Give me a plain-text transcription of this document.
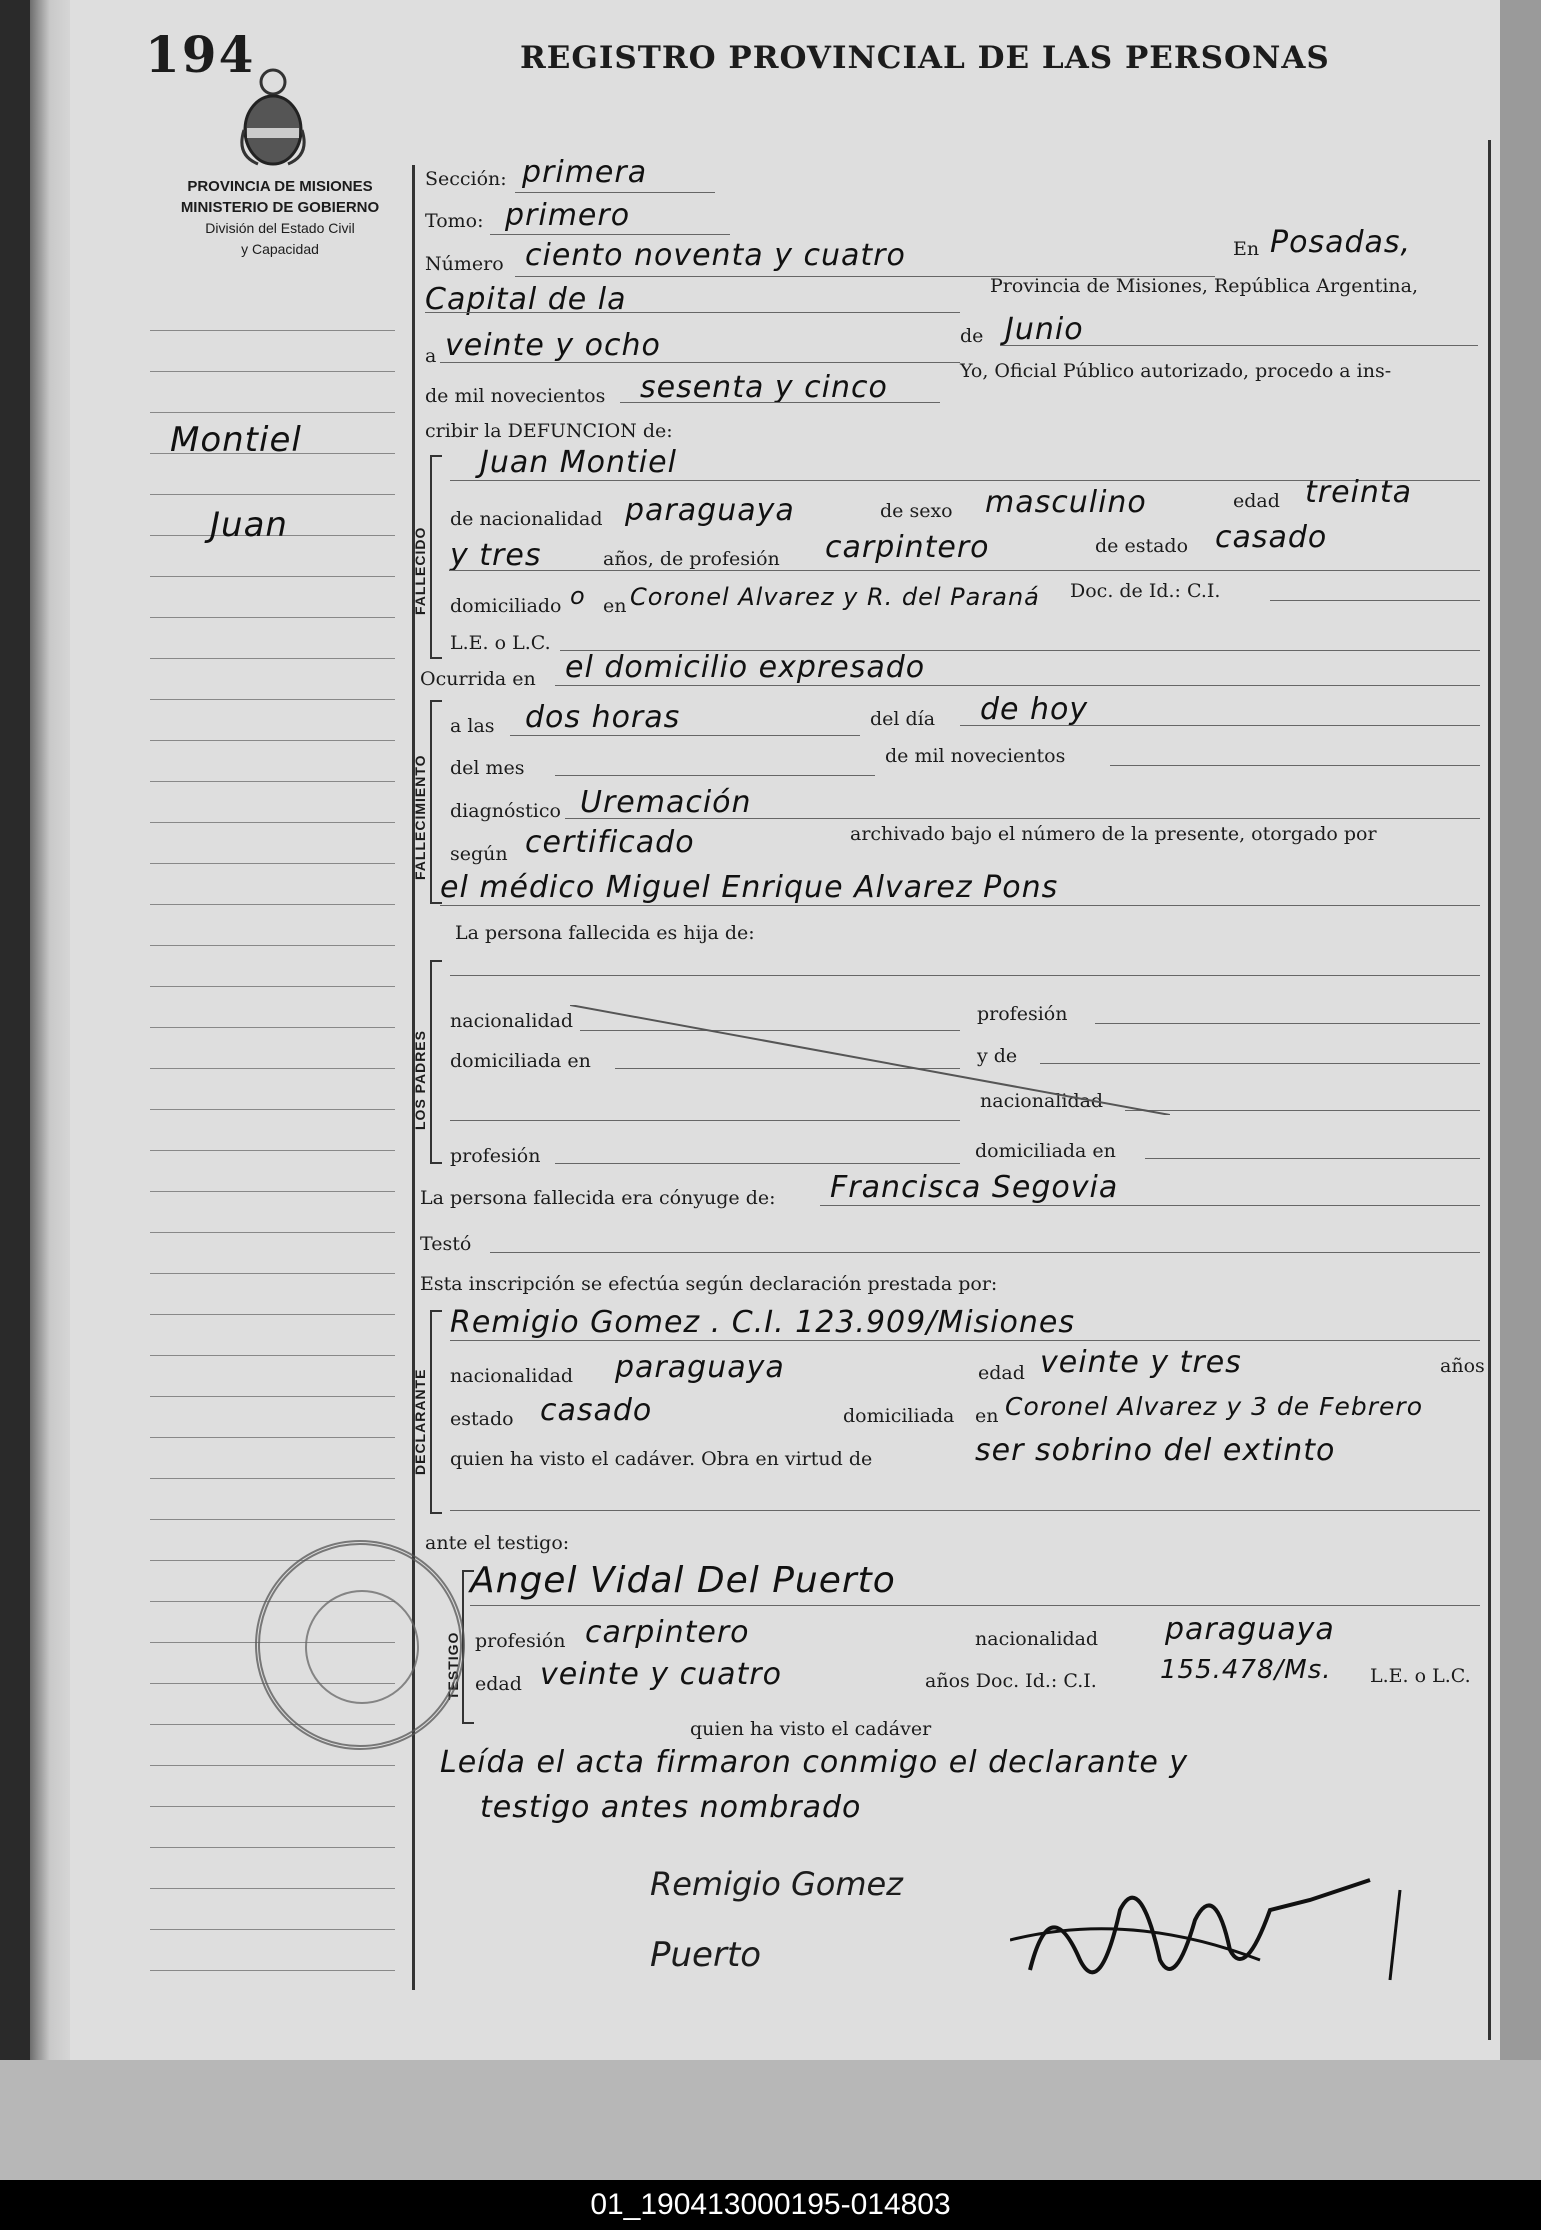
194	REGISTRO PROVINCIAL DE LAS PERSONAS
PROVINCIA DE MISIONES
MINISTERIO DE GOBIERNO
División del Estado Civil
y Capacidad
Montiel
Juan
Sección: primera
Tomo: primero
Número ciento noventa y cuatro	En Posadas,
Capital de la	Provincia de Misiones, República Argentina,
a veinte y ocho	de Junio
de mil novecientos sesenta y cinco	Yo, Oficial Público autorizado, procedo a ins-
cribir la DEFUNCION de:
FALLECIDO
Juan Montiel
de nacionalidad paraguaya	de sexo masculino	edad treinta
y tres	años, de profesión carpintero	de estado casado
domiciliado o en Coronel Alvarez y R. del Paraná Doc. de Id.: C.I.
L.E. o L.C.
Ocurrida en el domicilio expresado
FALLECIMIENTO
a las dos horas	del día de hoy
del mes
de mil novecientos
diagnóstico Uremación
según certificado	archivado bajo el número de la presente, otorgado por
el médico Miguel Enrique Alvarez Pons
La persona fallecida es hija de:
LOS PADRES
nacionalidad	profesión
domiciliada en	y de
nacionalidad
profesión	domiciliada en
La persona fallecida era cónyuge de: Francisca Segovia
Testó
Esta inscripción se efectúa según declaración prestada por:
DECLARANTE
Remigio Gomez . C.I. 123.909/Misiones
nacionalidad paraguaya	edad veinte y tres	años
estado casado	domiciliada en Coronel Alvarez y 3 de Febrero
quien ha visto el cadáver. Obra en virtud de	ser sobrino del extinto
ante el testigo:
TESTIGO
Angel Vidal Del Puerto
profesión carpintero	nacionalidad paraguaya
edad veinte y cuatro	años Doc. Id.: C.I. 155.478/Ms. L.E. o L.C.
quien ha visto el cadáver
Leída el acta firmaron conmigo el declarante y
testigo antes nombrado
Remigio Gomez
Puerto
01_190413000195-014803
